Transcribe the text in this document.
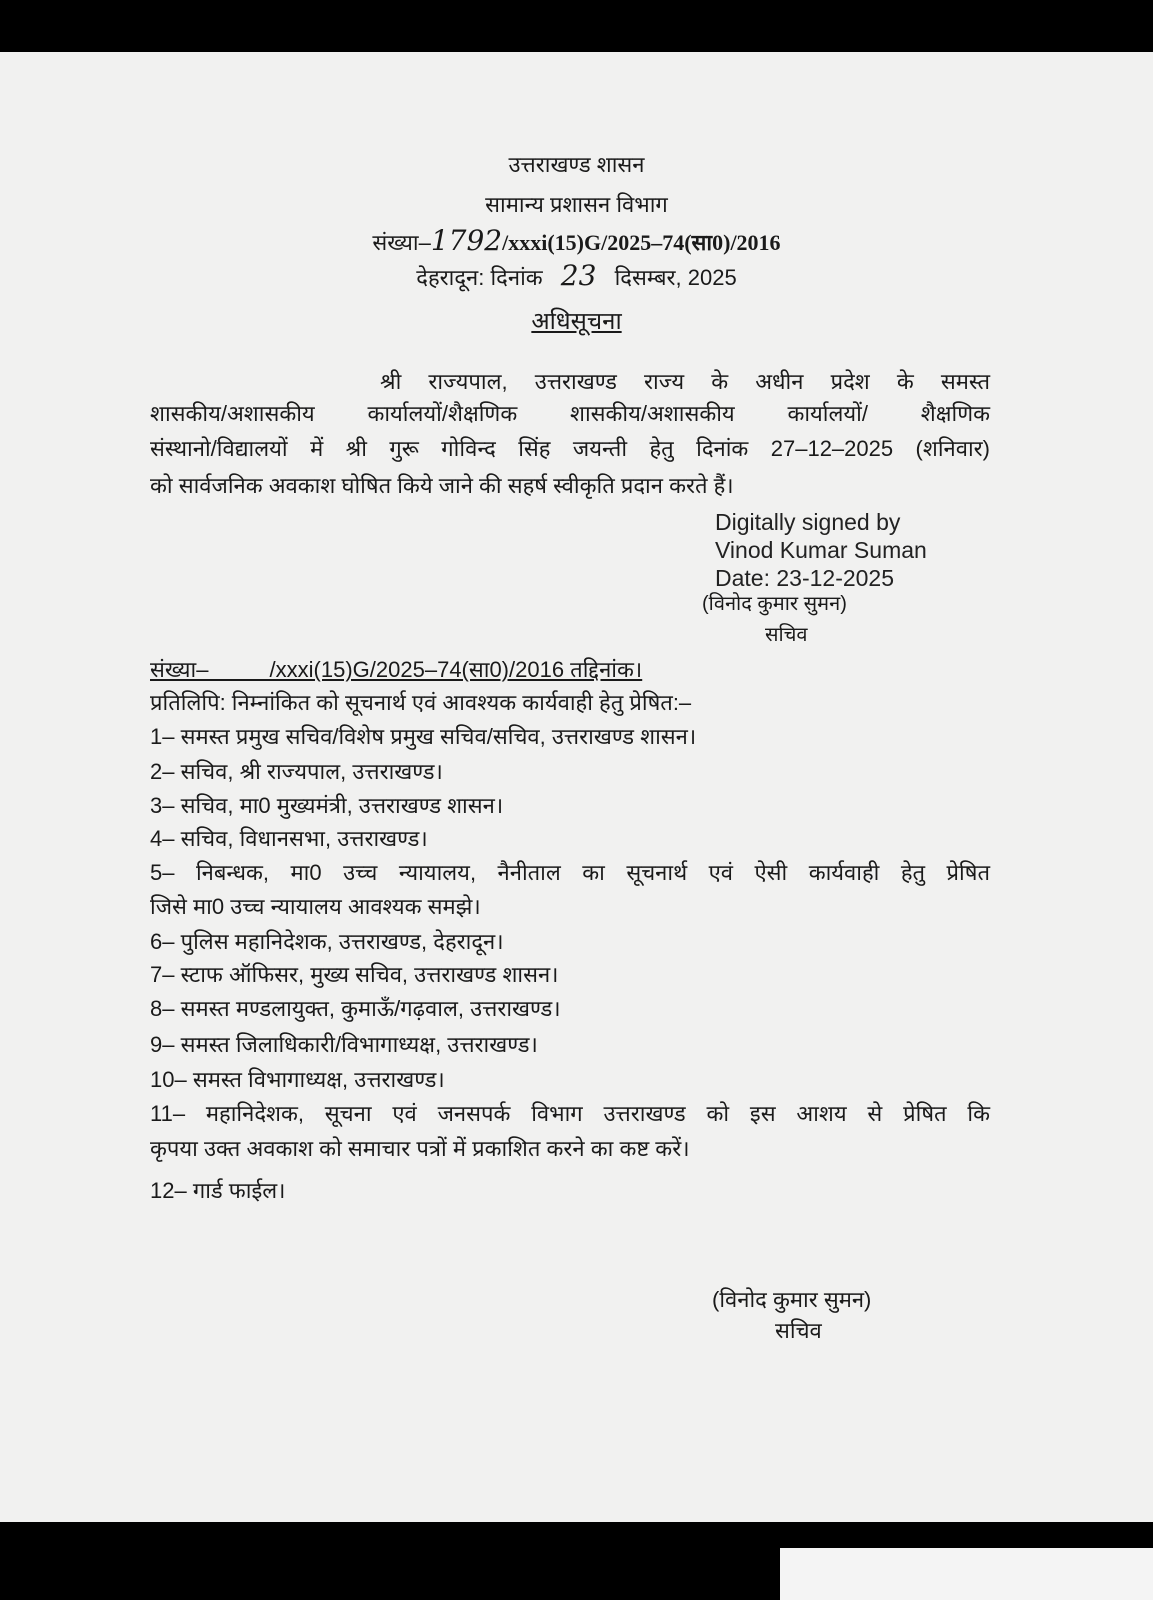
उत्तराखण्ड शासन
सामान्य प्रशासन विभाग
संख्या–1792/xxxi(15)G/2025–74(सा0)/2016
देहरादून: दिनांक 23 दिसम्बर, 2025
अधिसूचना
श्री राज्यपाल, उत्तराखण्ड राज्य के अधीन प्रदेश के समस्त
शासकीय/अशासकीय कार्यालयों/शैक्षणिक शासकीय/अशासकीय कार्यालयों/ शैक्षणिक
संस्थानो/विद्यालयों में श्री गुरू गोविन्द सिंह जयन्ती हेतु दिनांक 27–12–2025 (शनिवार)
को सार्वजनिक अवकाश घोषित किये जाने की सहर्ष स्वीकृति प्रदान करते हैं।
Digitally signed by
Vinod Kumar Suman
Date: 23-12-2025
(विनोद कुमार सुमन)
सचिव
संख्या–          /xxxi(15)G/2025–74(सा0)/2016 तद्दिनांक।
प्रतिलिपि: निम्नांकित को सूचनार्थ एवं आवश्यक कार्यवाही हेतु प्रेषित:–
1– समस्त प्रमुख सचिव/विशेष प्रमुख सचिव/सचिव, उत्तराखण्ड शासन।
2– सचिव, श्री राज्यपाल, उत्तराखण्ड।
3– सचिव, मा0 मुख्यमंत्री, उत्तराखण्ड शासन।
4– सचिव, विधानसभा, उत्तराखण्ड।
5– निबन्धक, मा0 उच्च न्यायालय, नैनीताल का सूचनार्थ एवं ऐसी कार्यवाही हेतु प्रेषित
जिसे मा0 उच्च न्यायालय आवश्यक समझे।
6– पुलिस महानिदेशक, उत्तराखण्ड, देहरादून।
7– स्टाफ ऑफिसर, मुख्य सचिव, उत्तराखण्ड शासन।
8– समस्त मण्डलायुक्त, कुमाऊँ/गढ़वाल, उत्तराखण्ड।
9– समस्त जिलाधिकारी/विभागाध्यक्ष, उत्तराखण्ड।
10– समस्त विभागाध्यक्ष, उत्तराखण्ड।
11– महानिदेशक, सूचना एवं जनसपर्क विभाग उत्तराखण्ड को इस आशय से प्रेषित कि
कृपया उक्त अवकाश को समाचार पत्रों में प्रकाशित करने का कष्ट करें।
12– गार्ड फाईल।
(विनोद कुमार सुमन)
सचिव
